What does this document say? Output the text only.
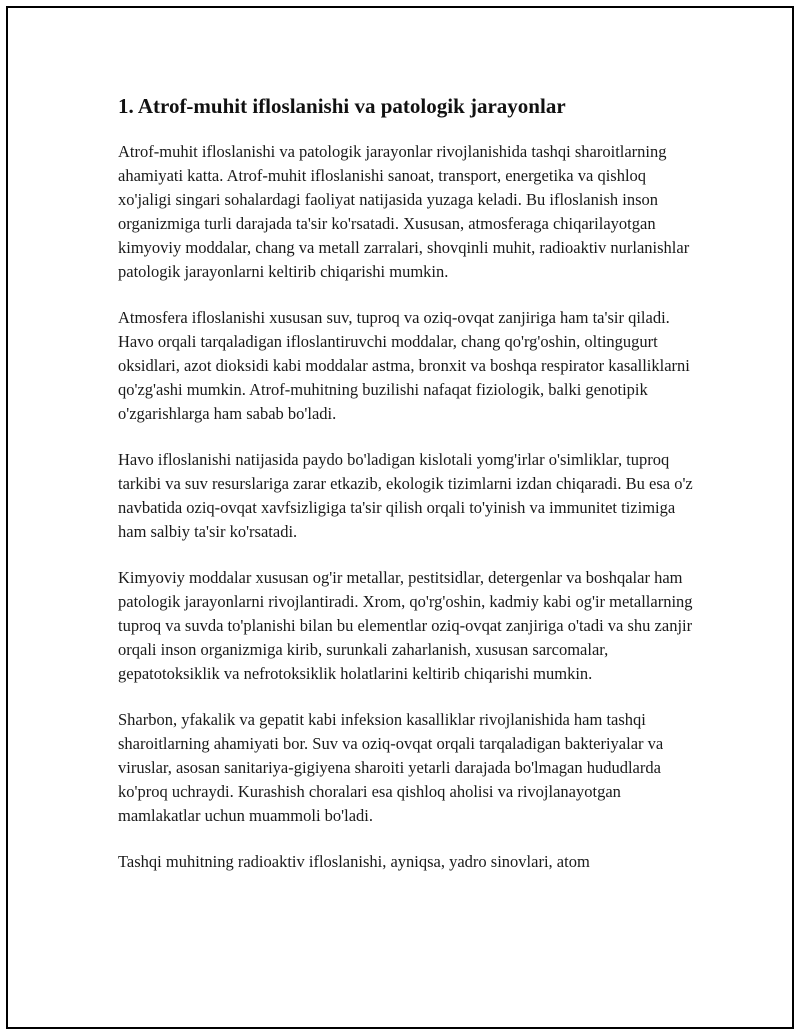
1. Atrof-muhit ifloslanishi va patologik jarayonlar

Atrof-muhit ifloslanishi va patologik jarayonlar rivojlanishida tashqi sharoitlarning ahamiyati katta. Atrof-muhit ifloslanishi sanoat, transport, energetika va qishloq xo'jaligi singari sohalardagi faoliyat natijasida yuzaga keladi. Bu ifloslanish inson organizmiga turli darajada ta'sir ko'rsatadi. Xususan, atmosferaga chiqarilayotgan kimyoviy moddalar, chang va metall zarralari, shovqinli muhit, radioaktiv nurlanishlar patologik jarayonlarni keltirib chiqarishi mumkin.

Atmosfera ifloslanishi xususan suv, tuproq va oziq-ovqat zanjiriga ham ta'sir qiladi. Havo orqali tarqaladigan ifloslantiruvchi moddalar, chang qo'rg'oshin, oltingugurt oksidlari, azot dioksidi kabi moddalar astma, bronxit va boshqa respirator kasalliklarni qo'zg'ashi mumkin. Atrof-muhitning buzilishi nafaqat fiziologik, balki genotipik o'zgarishlarga ham sabab bo'ladi.

Havo ifloslanishi natijasida paydo bo'ladigan kislotali yomg'irlar o'simliklar, tuproq tarkibi va suv resurslariga zarar etkazib, ekologik tizimlarni izdan chiqaradi. Bu esa o'z navbatida oziq-ovqat xavfsizligiga ta'sir qilish orqali to'yinish va immunitet tizimiga ham salbiy ta'sir ko'rsatadi.

Kimyoviy moddalar xususan og'ir metallar, pestitsidlar, detergenlar va boshqalar ham patologik jarayonlarni rivojlantiradi. Xrom, qo'rg'oshin, kadmiy kabi og'ir metallarning tuproq va suvda to'planishi bilan bu elementlar oziq-ovqat zanjiriga o'tadi va shu zanjir orqali inson organizmiga kirib, surunkali zaharlanish, xususan sarcomalar, gepatotoksiklik va nefrotoksiklik holatlarini keltirib chiqarishi mumkin.

Sharbon, yfakalik va gepatit kabi infeksion kasalliklar rivojlanishida ham tashqi sharoitlarning ahamiyati bor. Suv va oziq-ovqat orqali tarqaladigan bakteriyalar va viruslar, asosan sanitariya-gigiyena sharoiti yetarli darajada bo'lmagan hududlarda ko'proq uchraydi. Kurashish choralari esa qishloq aholisi va rivojlanayotgan mamlakatlar uchun muammoli bo'ladi.

Tashqi muhitning radioaktiv ifloslanishi, ayniqsa, yadro sinovlari, atom
